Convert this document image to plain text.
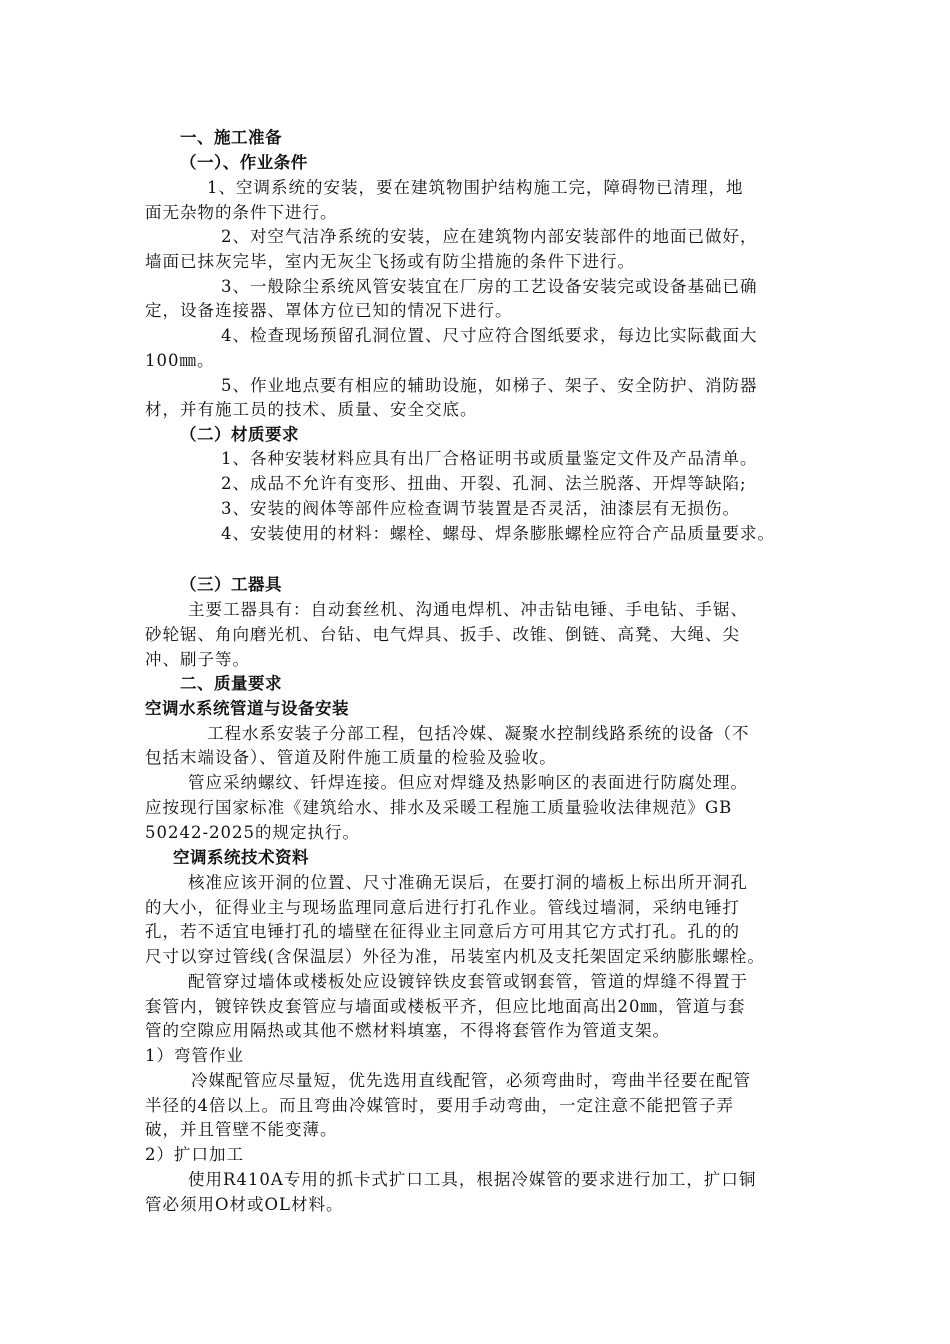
一、施工准备
（一）、作业条件
1、空调系统的安装，要在建筑物围护结构施工完，障碍物已清理，地
面无杂物的条件下进行。
2、对空气洁净系统的安装，应在建筑物内部安装部件的地面已做好，
墙面已抹灰完毕，室内无灰尘飞扬或有防尘措施的条件下进行。
3、一般除尘系统风管安装宜在厂房的工艺设备安装完或设备基础已确
定，设备连接器、罩体方位已知的情况下进行。
4、检查现场预留孔洞位置、尺寸应符合图纸要求，每边比实际截面大
100㎜。
5、作业地点要有相应的辅助设施，如梯子、架子、安全防护、消防器
材，并有施工员的技术、质量、安全交底。
（二）材质要求
1、各种安装材料应具有出厂合格证明书或质量鉴定文件及产品清单。
2、成品不允许有变形、扭曲、开裂、孔洞、法兰脱落、开焊等缺陷;
3、安装的阀体等部件应检查调节装置是否灵活，油漆层有无损伤。
4、安装使用的材料：螺栓、螺母、焊条膨胀螺栓应符合产品质量要求。
（三）工器具
主要工器具有：自动套丝机、沟通电焊机、冲击钻电锤、手电钻、手锯、
砂轮锯、角向磨光机、台钻、电气焊具、扳手、改锥、倒链、高凳、大绳、尖
冲、刷子等。
二、质量要求
空调水系统管道与设备安装
工程水系安装子分部工程，包括冷媒、凝聚水控制线路系统的设备（不
包括末端设备）、管道及附件施工质量的检验及验收。
管应采纳螺纹、钎焊连接。但应对焊缝及热影响区的表面进行防腐处理。
应按现行国家标准《建筑给水、排水及采暖工程施工质量验收法律规范》GB
50242-2025的规定执行。
空调系统技术资料
核准应该开洞的位置、尺寸准确无误后，在要打洞的墙板上标出所开洞孔
的大小，征得业主与现场监理同意后进行打孔作业。管线过墙洞，采纳电锤打
孔，若不适宜电锤打孔的墙壁在征得业主同意后方可用其它方式打孔。孔的的
尺寸以穿过管线(含保温层）外径为准，吊装室内机及支托架固定采纳膨胀螺栓。
配管穿过墙体或楼板处应设镀锌铁皮套管或钢套管，管道的焊缝不得置于
套管内，镀锌铁皮套管应与墙面或楼板平齐，但应比地面高出20㎜，管道与套
管的空隙应用隔热或其他不燃材料填塞，不得将套管作为管道支架。
1）弯管作业
冷媒配管应尽量短，优先选用直线配管，必须弯曲时，弯曲半径要在配管
半径的4倍以上。而且弯曲冷媒管时，要用手动弯曲，一定注意不能把管子弄
破，并且管壁不能变薄。
2）扩口加工
使用R410A专用的抓卡式扩口工具，根据冷媒管的要求进行加工，扩口铜
管必须用O材或OL材料。
